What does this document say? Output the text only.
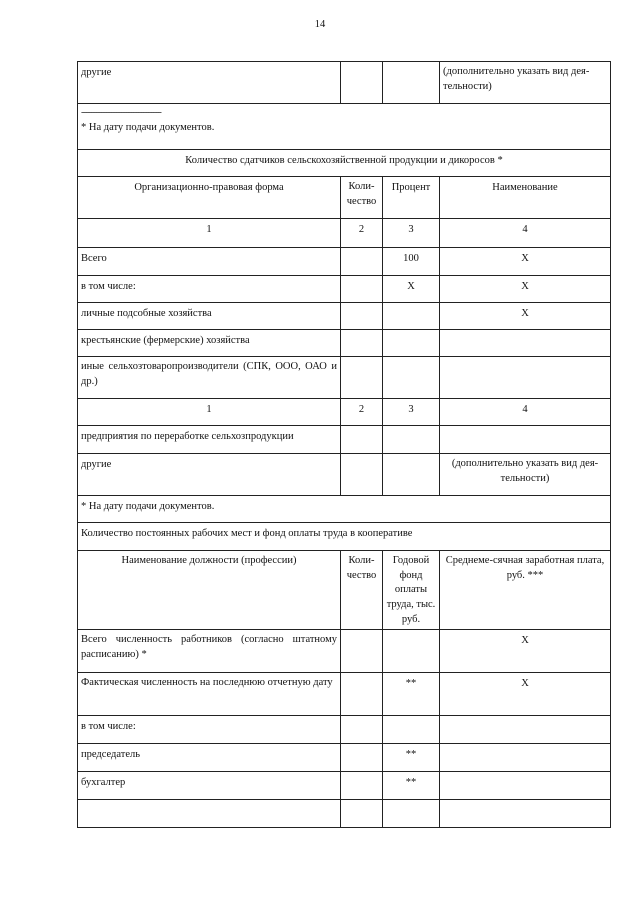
14
другие			(дополнительно указать вид дея-тельности)

--------------------------------
* На дату подачи документов.			
Количество сдатчиков сельскохозяйственной продукции и дикоросов *			
Организационно-правовая форма	Коли-чество	Процент	Наименование
1	2	3	4
Всего		100	X
в том числе:		X	X
личные подсобные хозяйства			X
крестьянские (фермерские) хозяйства			
иные сельхозтоваропроизводители (СПК, ООО, ОАО и др.)			
1	2	3	4
предприятия по переработке сельхозпродукции			
другие			(дополнительно указать вид дея-тельности)
* На дату подачи документов.			
Количество постоянных рабочих мест и фонд оплаты труда в кооперативе			
Наименование должности (профессии)	Коли-чество	Годовой фонд оплаты труда, тыс. руб.	Среднеме-сячная заработная плата, руб. ***
Всего численность работников (согласно штатному расписанию) *			X
Фактическая численность на последнюю отчетную дату		**	X
в том числе:			
председатель		**	
бухгалтер		**	
